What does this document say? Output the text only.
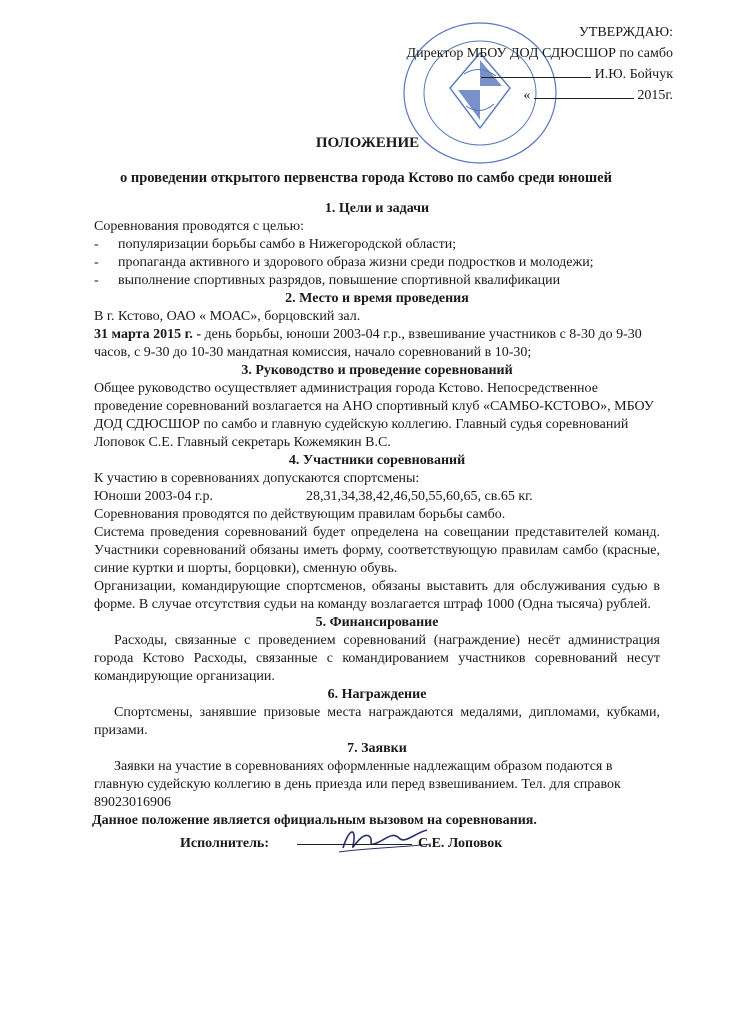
УТВЕРЖДАЮ:
Директор МБОУ ДОД СДЮСШОР по самбо
И.Ю. Бойчук
«	2015г.
ПОЛОЖЕНИЕ
о проведении открытого первенства города Кстово по самбо среди юношей
1. Цели и задачи
Соревнования проводятся с целью:
-	популяризации борьбы самбо в Нижегородской области;
-	пропаганда активного и здорового образа жизни среди подростков и молодежи;
-	выполнение спортивных разрядов, повышение спортивной квалификации
2. Место и время проведения
В г. Кстово, ОАО « МОАС», борцовский зал.
31 марта 2015 г. - день борьбы, юноши 2003-04 г.р., взвешивание участников с 8-30 до 9-30 часов, с 9-30 до 10-30 мандатная комиссия, начало соревнований в 10-30;
3. Руководство и проведение соревнований
Общее руководство осуществляет администрация города Кстово. Непосредственное проведение соревнований возлагается на АНО спортивный клуб «САМБО-КСТОВО», МБОУ ДОД СДЮСШОР по самбо и главную судейскую коллегию. Главный судья соревнований Лоповок С.Е. Главный секретарь Кожемякин В.С.
4. Участники соревнований
К участию в соревнованиях допускаются спортсмены:
Юноши 2003-04 г.р.	28,31,34,38,42,46,50,55,60,65, св.65 кг.
Соревнования проводятся по действующим правилам борьбы самбо.
Система проведения соревнований будет определена на совещании представителей команд. Участники соревнований обязаны иметь форму, соответствующую правилам самбо (красные, синие куртки и шорты, борцовки), сменную обувь.
Организации, командирующие спортсменов, обязаны выставить для обслуживания судью в форме. В случае отсутствия судьи на команду возлагается штраф 1000 (Одна тысяча) рублей.
5. Финансирование
Расходы, связанные с проведением соревнований (награждение) несёт администрация города Кстово Расходы, связанные с командированием участников соревнований несут командирующие организации.
6. Награждение
Спортсмены, занявшие призовые места награждаются медалями, дипломами, кубками, призами.
7. Заявки
Заявки на участие в соревнованиях оформленные надлежащим образом подаются в главную судейскую коллегию в день приезда или перед взвешиванием. Тел. для справок 89023016906
Данное положение является официальным вызовом на соревнования.
Исполнитель:	С.Е. Лоповок
